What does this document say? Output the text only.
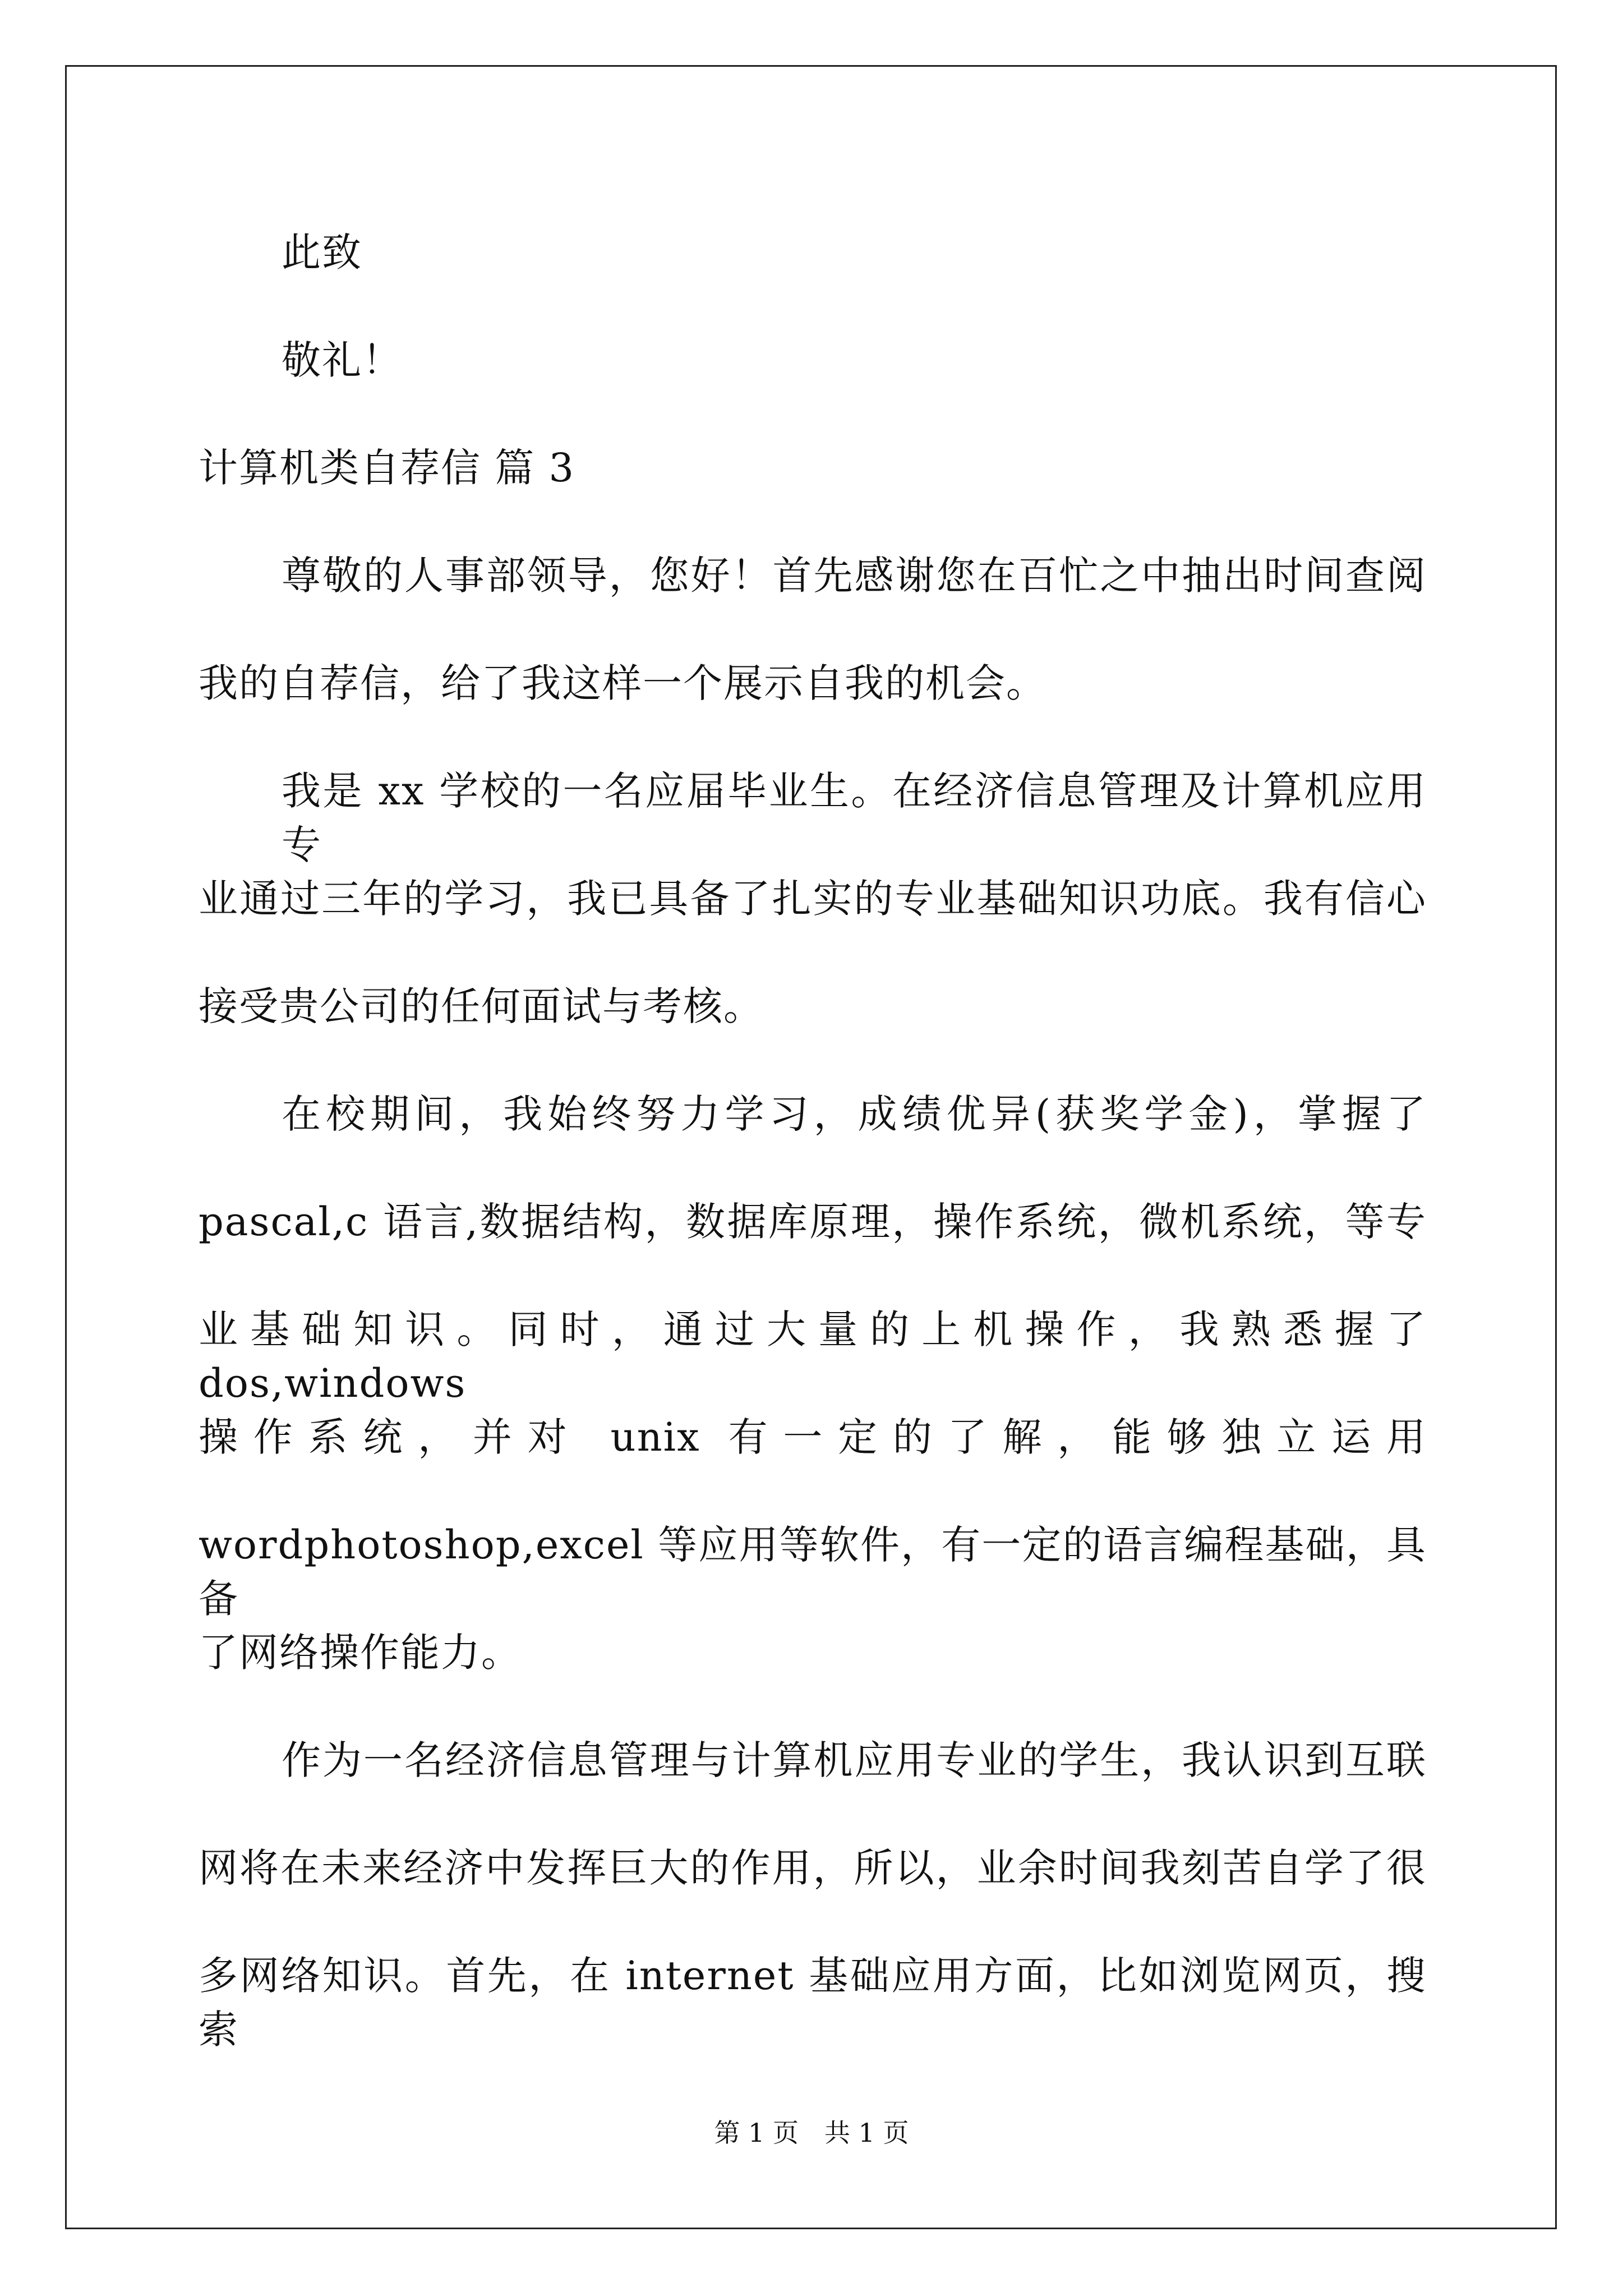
此致
敬礼！
计算机类自荐信 篇 3
尊敬的人事部领导，您好！首先感谢您在百忙之中抽出时间查阅
我的自荐信，给了我这样一个展示自我的机会。
我是 xx 学校的一名应届毕业生。在经济信息管理及计算机应用专
业通过三年的学习，我已具备了扎实的专业基础知识功底。我有信心
接受贵公司的任何面试与考核。
在校期间，我始终努力学习，成绩优异(获奖学金)，掌握了
pascal,c 语言,数据结构，数据库原理，操作系统，微机系统，等专
业基础知识。同时，通过大量的上机操作，我熟悉握了 dos,windows
操作系统，并对 unix 有一定的了解，能够独立运用
wordphotoshop,excel 等应用等软件，有一定的语言编程基础，具备
了网络操作能力。
作为一名经济信息管理与计算机应用专业的学生，我认识到互联
网将在未来经济中发挥巨大的作用，所以，业余时间我刻苦自学了很
多网络知识。首先，在 internet 基础应用方面，比如浏览网页，搜索
第 1 页　共 1 页
